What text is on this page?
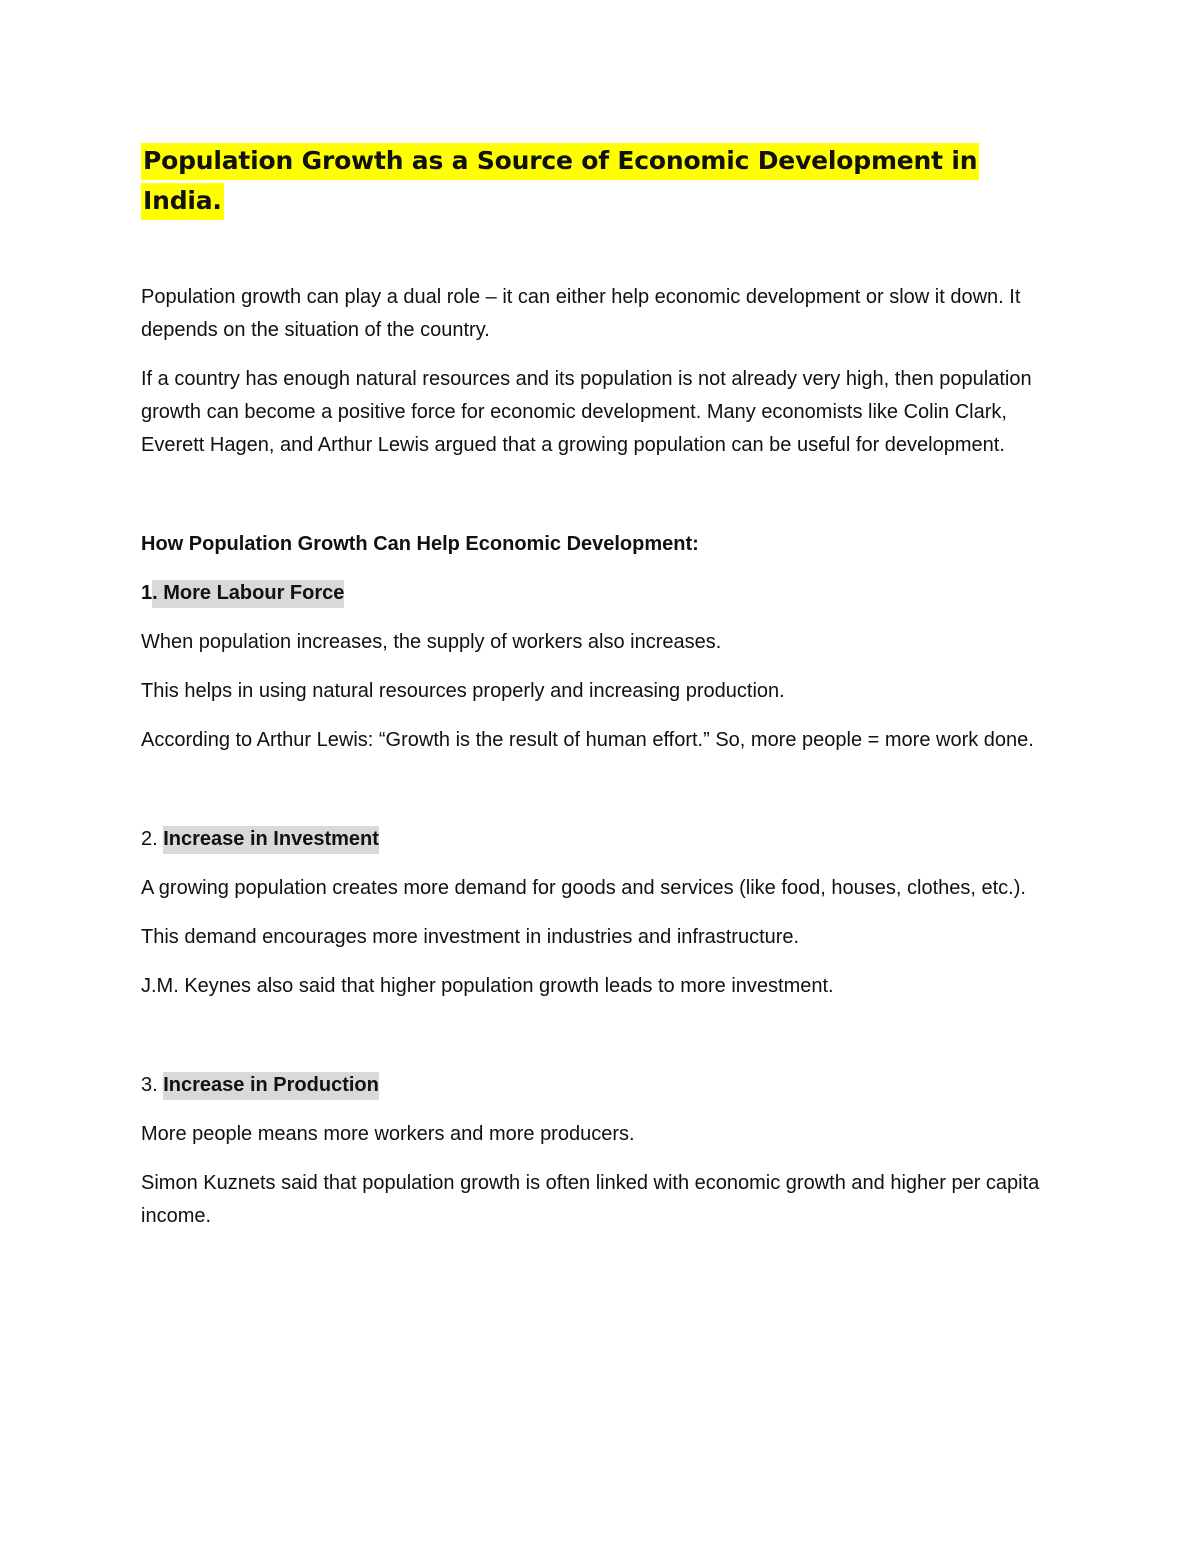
Population Growth as a Source of Economic Development in India.

Population growth can play a dual role – it can either help economic development or slow it down. It depends on the situation of the country.

If a country has enough natural resources and its population is not already very high, then population growth can become a positive force for economic development. Many economists like Colin Clark, Everett Hagen, and Arthur Lewis argued that a growing population can be useful for development.

How Population Growth Can Help Economic Development:

1. More Labour Force

When population increases, the supply of workers also increases.

This helps in using natural resources properly and increasing production.

According to Arthur Lewis: “Growth is the result of human effort.” So, more people = more work done.

2. Increase in Investment

A growing population creates more demand for goods and services (like food, houses, clothes, etc.).

This demand encourages more investment in industries and infrastructure.

J.M. Keynes also said that higher population growth leads to more investment.

3. Increase in Production

More people means more workers and more producers.

Simon Kuznets said that population growth is often linked with economic growth and higher per capita income.
